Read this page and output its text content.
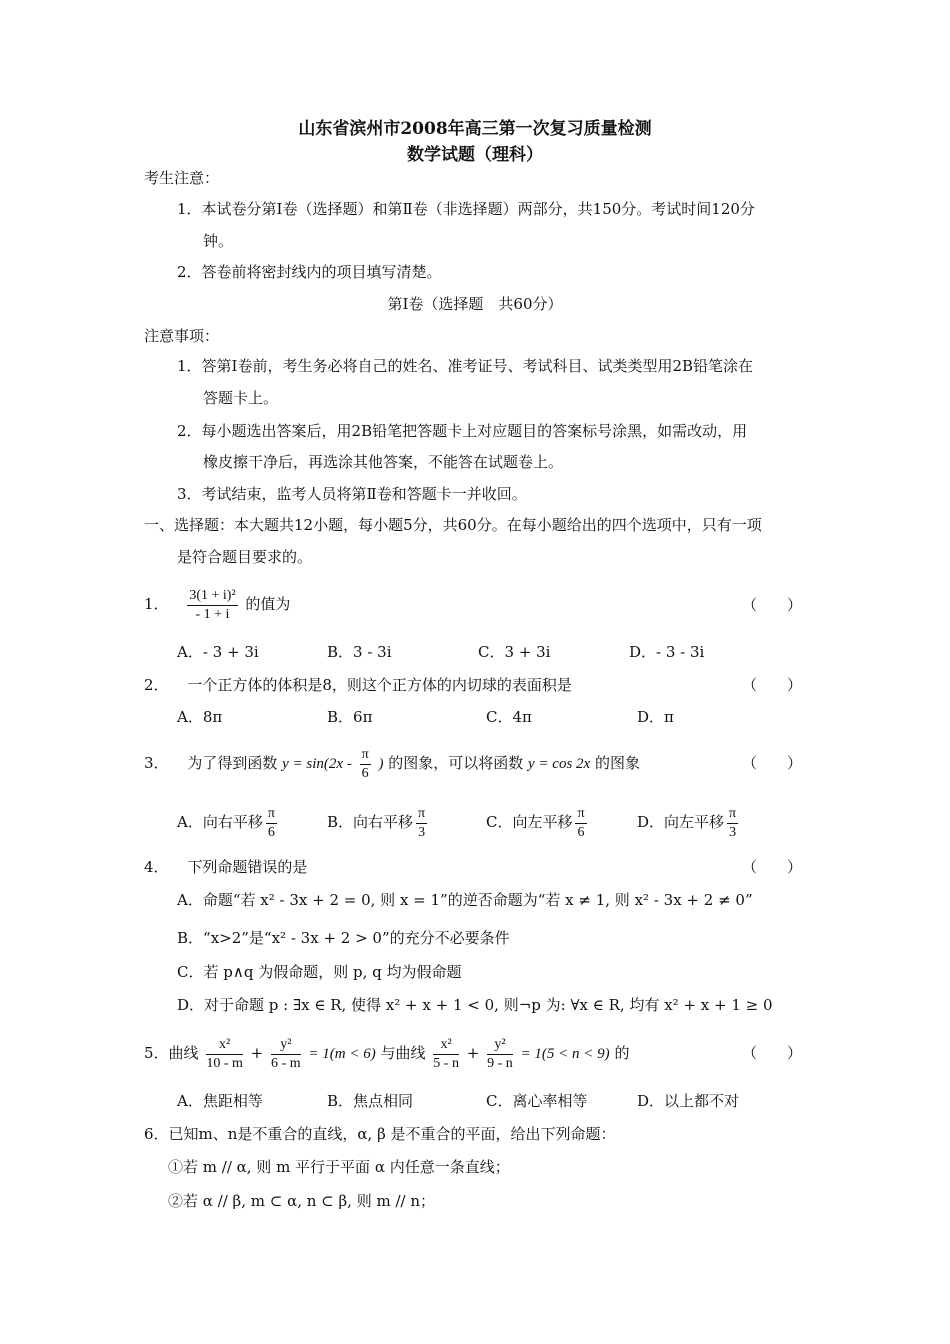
山东省滨州市2008年高三第一次复习质量检测
数学试题（理科）
考生注意：
1．本试卷分第Ⅰ卷（选择题）和第Ⅱ卷（非选择题）两部分，共150分。考试时间120分
钟。
2．答卷前将密封线内的项目填写清楚。
第Ⅰ卷（选择题　共60分）
注意事项：
1．答第Ⅰ卷前，考生务必将自己的姓名、准考证号、考试科目、试类类型用2B铅笔涂在
答题卡上。
2．每小题选出答案后，用2B铅笔把答题卡上对应题目的答案标号涂黑，如需改动，用
橡皮擦干净后，再选涂其他答案，不能答在试题卷上。
3．考试结束，监考人员将第Ⅱ卷和答题卡一并收回。
一、选择题：本大题共12小题，每小题5分，共60分。在每小题给出的四个选项中，只有一项
是符合题目要求的。
1． $\frac{\text{3(1 + i)²}}{- 1 + i}$ 的值为	（　　）
A．- 3 + 3i	B．3 - 3i	C．3 + 3i	D．- 3 - 3i
2． 一个正方体的体积是8，则这个正方体的内切球的表面积是	（　　）
A．8π	B．6π	C．4π	D．π
3． 为了得到函数 $y = \sin(2x - \frac{\pi}{6}$ ) 的图象，可以将函数 y = cos 2x 的图象	（　　）
A．向右平移 $\frac{\pi}{6}$	B．向右平移 $\frac{\pi}{3}$	C．向左平移 $\frac{\pi}{6}$	D．向左平移 $\frac{\pi}{3}$
4． 下列命题错误的是	（　　）
A．命题“若 x² - 3x + 2 = 0, 则 x = 1”的逆否命题为“若 x ≠ 1, 则 x² - 3x + 2 ≠ 0”
B．“x>2”是“x² - 3x + 2 > 0”的充分不必要条件
C．若 p∧q 为假命题，则 p, q 均为假命题
D．对于命题 p : ∃x ∈ R, 使得 x² + x + 1 < 0, 则¬p 为: ∀x ∈ R, 均有 x² + x + 1 ≥ 0
5．曲线 $\frac{\text{x²}}{10 - m} + \frac{\text{y²}}{6 - m} = 1(m < 6)$ 与曲线 $\frac{\text{x²}}{5 - n} + \frac{\text{y²}}{9 - n} = 1(5 < n < 9)$ 的	（　　）
A．焦距相等	B．焦点相同	C．离心率相等	D．以上都不对
6．已知m、n是不重合的直线，α, β 是不重合的平面，给出下列命题：
①若 m // α, 则 m 平行于平面 α 内任意一条直线；
②若 α // β, m ⊂ α, n ⊂ β, 则 m // n；
